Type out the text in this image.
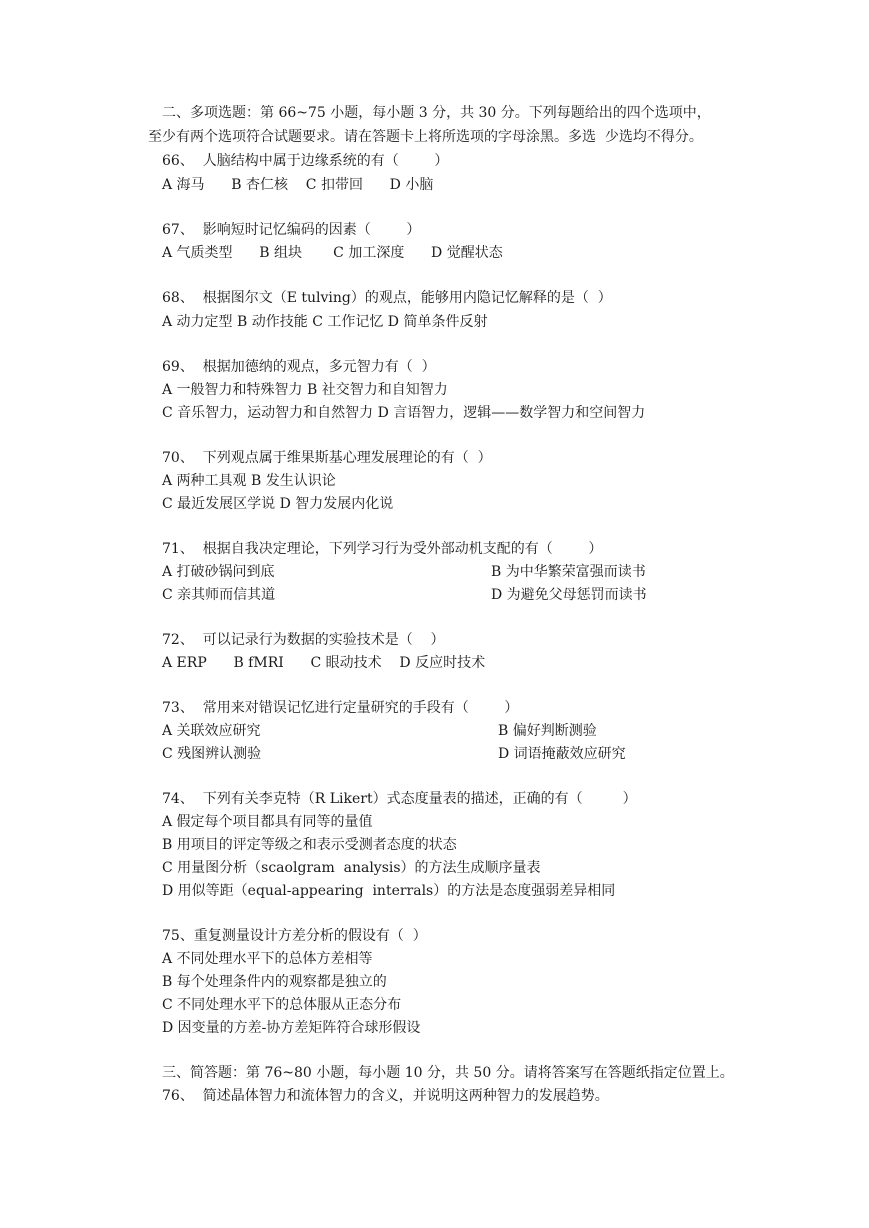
二、多项选题：第 66~75 小题，每小题 3 分，共 30 分。下列每题给出的四个选项中，
至少有两个选项符合试题要求。请在答题卡上将所选项的字母涂黑。多选  少选均不得分。
66、  人脑结构中属于边缘系统的有（        ）
A 海马      B 杏仁核    C 扣带回      D 小脑
67、  影响短时记忆编码的因素（        ）
A 气质类型      B 组块       C 加工深度      D 觉醒状态
68、  根据图尔文（E tulving）的观点，能够用内隐记忆解释的是（  ）
A 动力定型 B 动作技能 C 工作记忆 D 简单条件反射
69、  根据加德纳的观点，多元智力有（  ）
A 一般智力和特殊智力 B 社交智力和自知智力
C 音乐智力，运动智力和自然智力 D 言语智力，逻辑——数学智力和空间智力
70、  下列观点属于维果斯基心理发展理论的有（  ）
A 两种工具观 B 发生认识论
C 最近发展区学说 D 智力发展内化说
71、  根据自我决定理论，下列学习行为受外部动机支配的有（        ）
A 打破砂锅问到底	B 为中华繁荣富强而读书
C 亲其师而信其道	D 为避免父母惩罚而读书
72、  可以记录行为数据的实验技术是（    ）
A ERP      B fMRI      C 眼动技术    D 反应时技术
73、  常用来对错误记忆进行定量研究的手段有（        ）
A 关联效应研究	B 偏好判断测验
C 残图辨认测验	D 词语掩蔽效应研究
74、  下列有关李克特（R Likert）式态度量表的描述，正确的有（         ）
A 假定每个项目都具有同等的量值
B 用项目的评定等级之和表示受测者态度的状态
C 用量图分析（scaolgram  analysis）的方法生成顺序量表
D 用似等距（equal-appearing  interrals）的方法是态度强弱差异相同
75、重复测量设计方差分析的假设有（  ）
A 不同处理水平下的总体方差相等
B 每个处理条件内的观察都是独立的
C 不同处理水平下的总体服从正态分布
D 因变量的方差-协方差矩阵符合球形假设
三、简答题：第 76~80 小题，每小题 10 分，共 50 分。请将答案写在答题纸指定位置上。
76、  简述晶体智力和流体智力的含义，并说明这两种智力的发展趋势。
